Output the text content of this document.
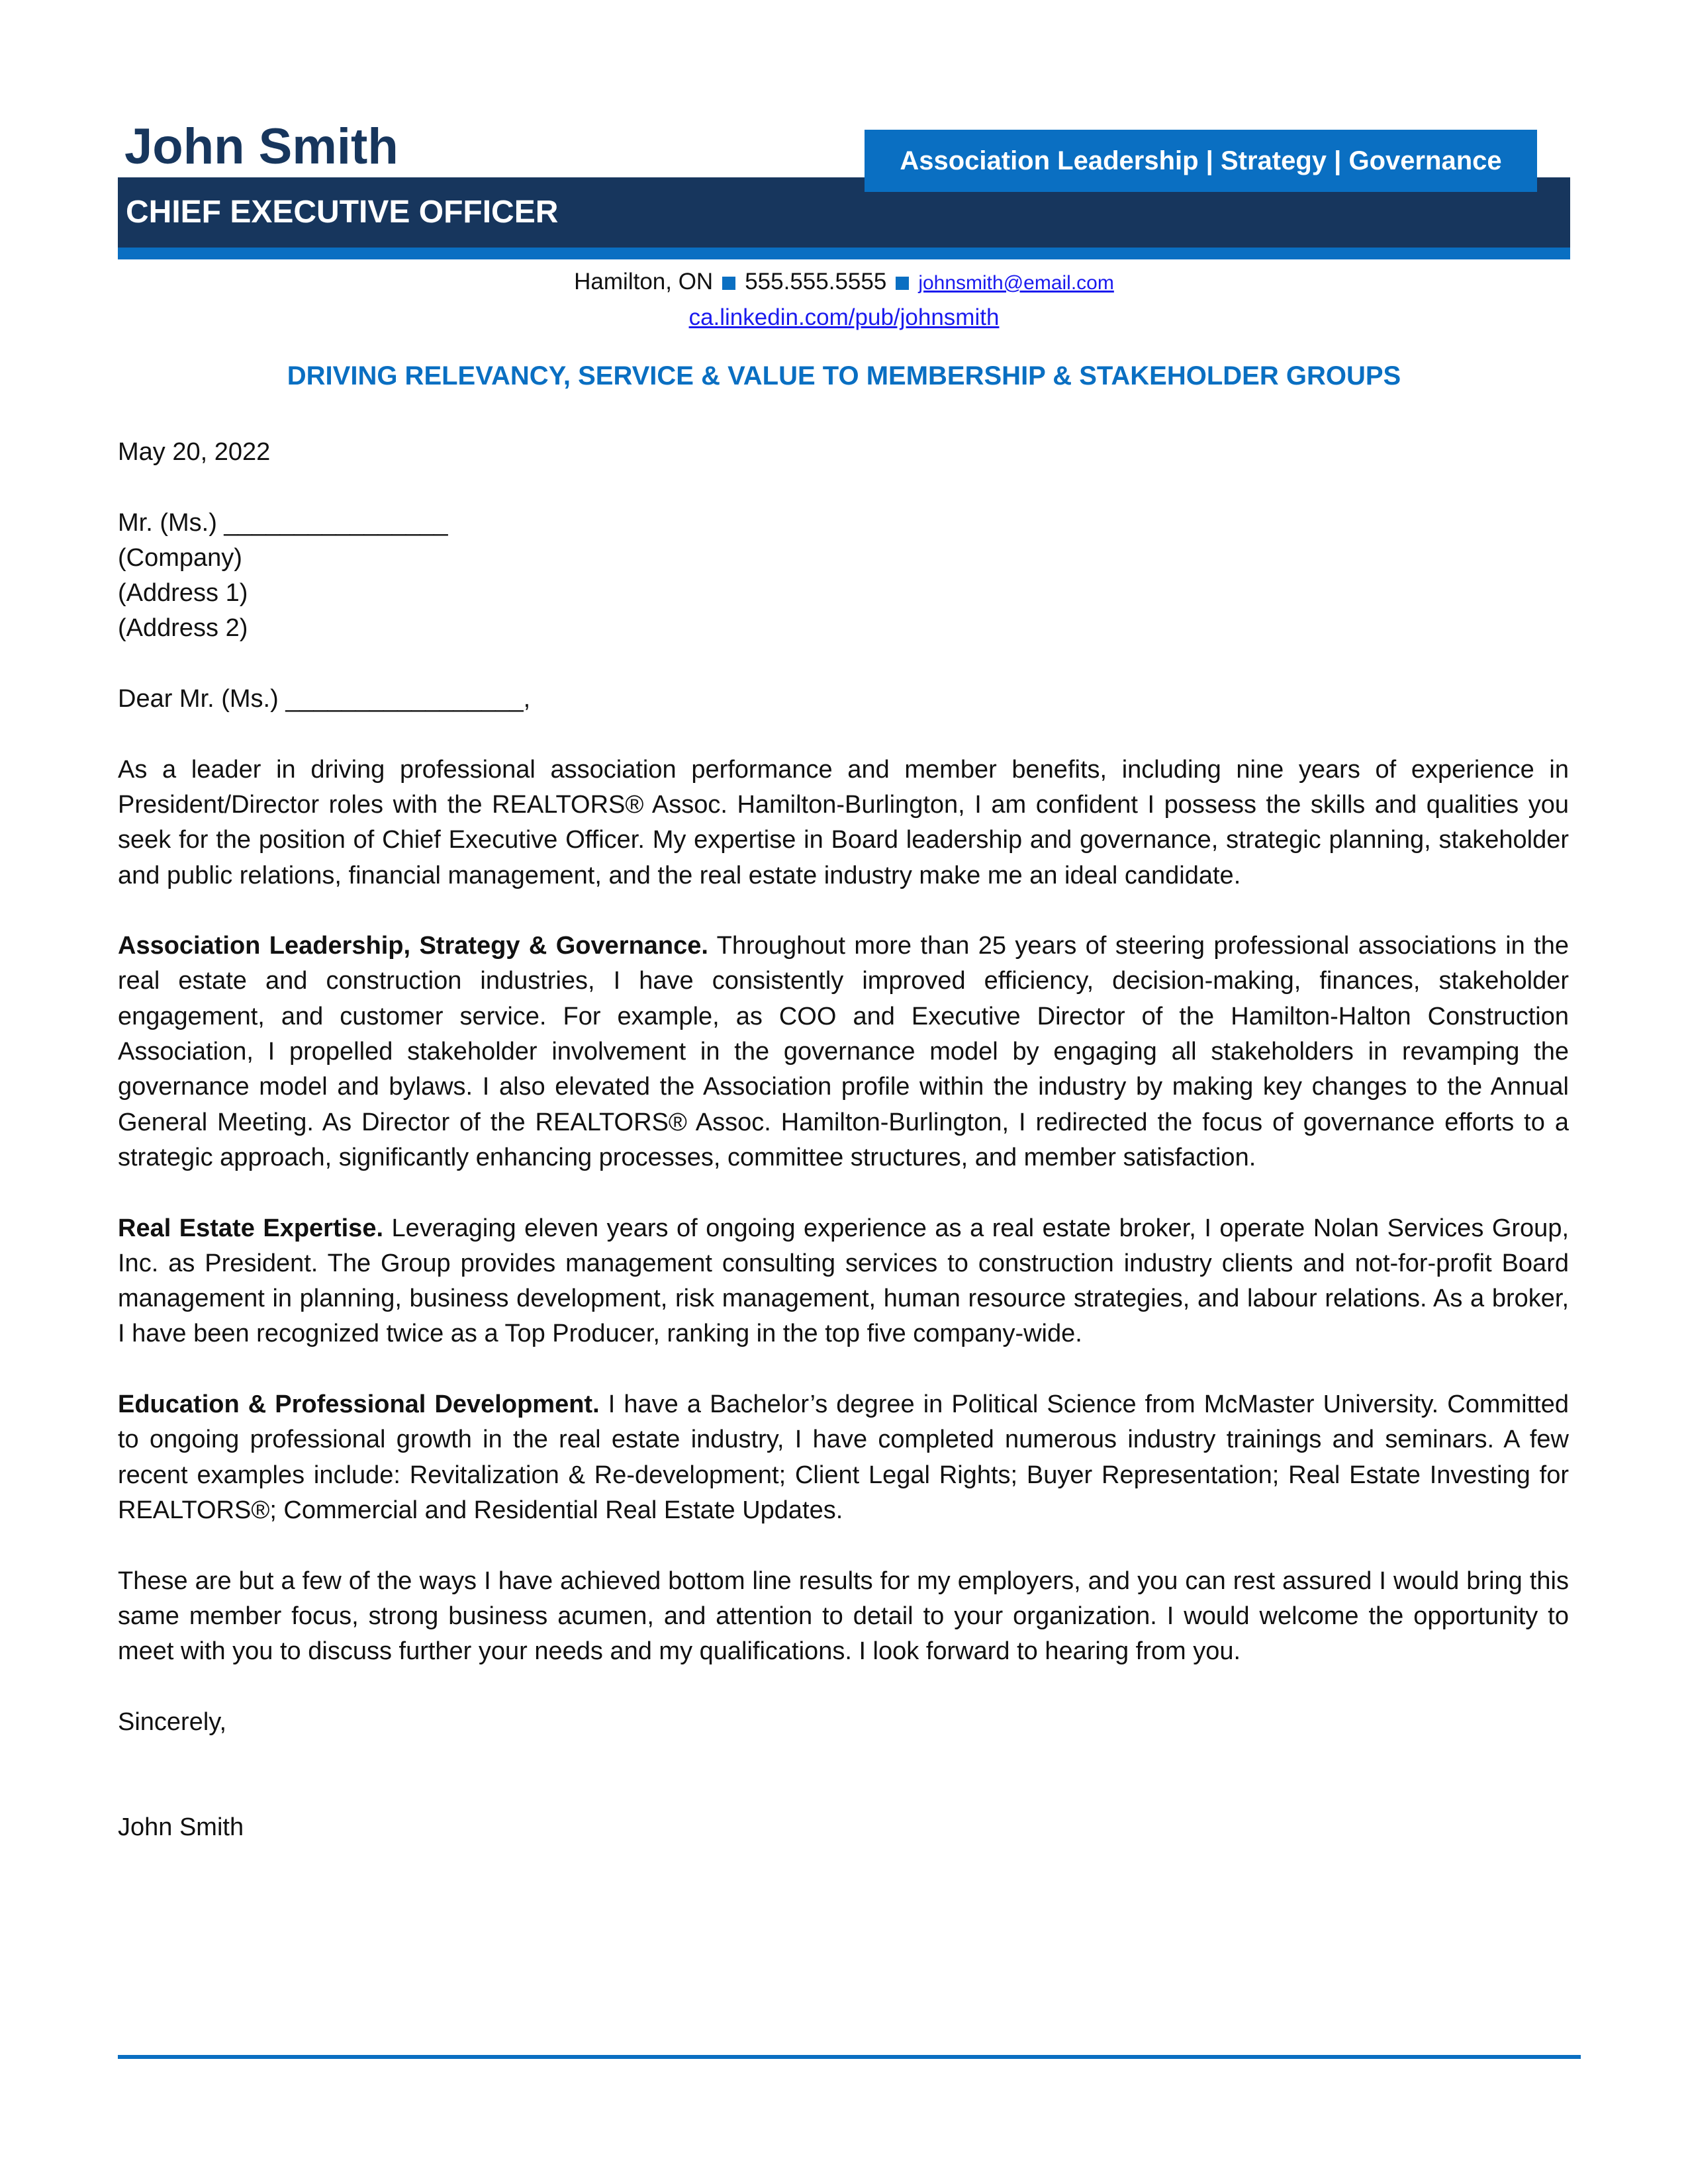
John Smith	Association Leadership | Strategy | Governance
CHIEF EXECUTIVE OFFICER
Hamilton, ON 555.555.5555 johnsmith@email.com
ca.linkedin.com/pub/johnsmith
DRIVING RELEVANCY, SERVICE & VALUE TO MEMBERSHIP & STAKEHOLDER GROUPS

May 20, 2022

Mr. (Ms.) ________________
(Company)
(Address 1)
(Address 2)

Dear Mr. (Ms.) _________________,

As a leader in driving professional association performance and member benefits, including nine years of experience in President/Director roles with the REALTORS® Assoc. Hamilton-Burlington, I am confident I possess the skills and qualities you seek for the position of Chief Executive Officer. My expertise in Board leadership and governance, strategic planning, stakeholder and public relations, financial management, and the real estate industry make me an ideal candidate.

Association Leadership, Strategy & Governance. Throughout more than 25 years of steering professional associations in the real estate and construction industries, I have consistently improved efficiency, decision-making, finances, stakeholder engagement, and customer service. For example, as COO and Executive Director of the Hamilton-Halton Construction Association, I propelled stakeholder involvement in the governance model by engaging all stakeholders in revamping the governance model and bylaws. I also elevated the Association profile within the industry by making key changes to the Annual General Meeting. As Director of the REALTORS® Assoc. Hamilton-Burlington, I redirected the focus of governance efforts to a strategic approach, significantly enhancing processes, committee structures, and member satisfaction.

Real Estate Expertise. Leveraging eleven years of ongoing experience as a real estate broker, I operate Nolan Services Group, Inc. as President. The Group provides management consulting services to construction industry clients and not-for-profit Board management in planning, business development, risk management, human resource strategies, and labour relations. As a broker, I have been recognized twice as a Top Producer, ranking in the top five company-wide.

Education & Professional Development. I have a Bachelor’s degree in Political Science from McMaster University. Committed to ongoing professional growth in the real estate industry, I have completed numerous industry trainings and seminars. A few recent examples include: Revitalization & Re-development; Client Legal Rights; Buyer Representation; Real Estate Investing for REALTORS®; Commercial and Residential Real Estate Updates.

These are but a few of the ways I have achieved bottom line results for my employers, and you can rest assured I would bring this same member focus, strong business acumen, and attention to detail to your organization. I would welcome the opportunity to meet with you to discuss further your needs and my qualifications. I look forward to hearing from you.

Sincerely,

John Smith
